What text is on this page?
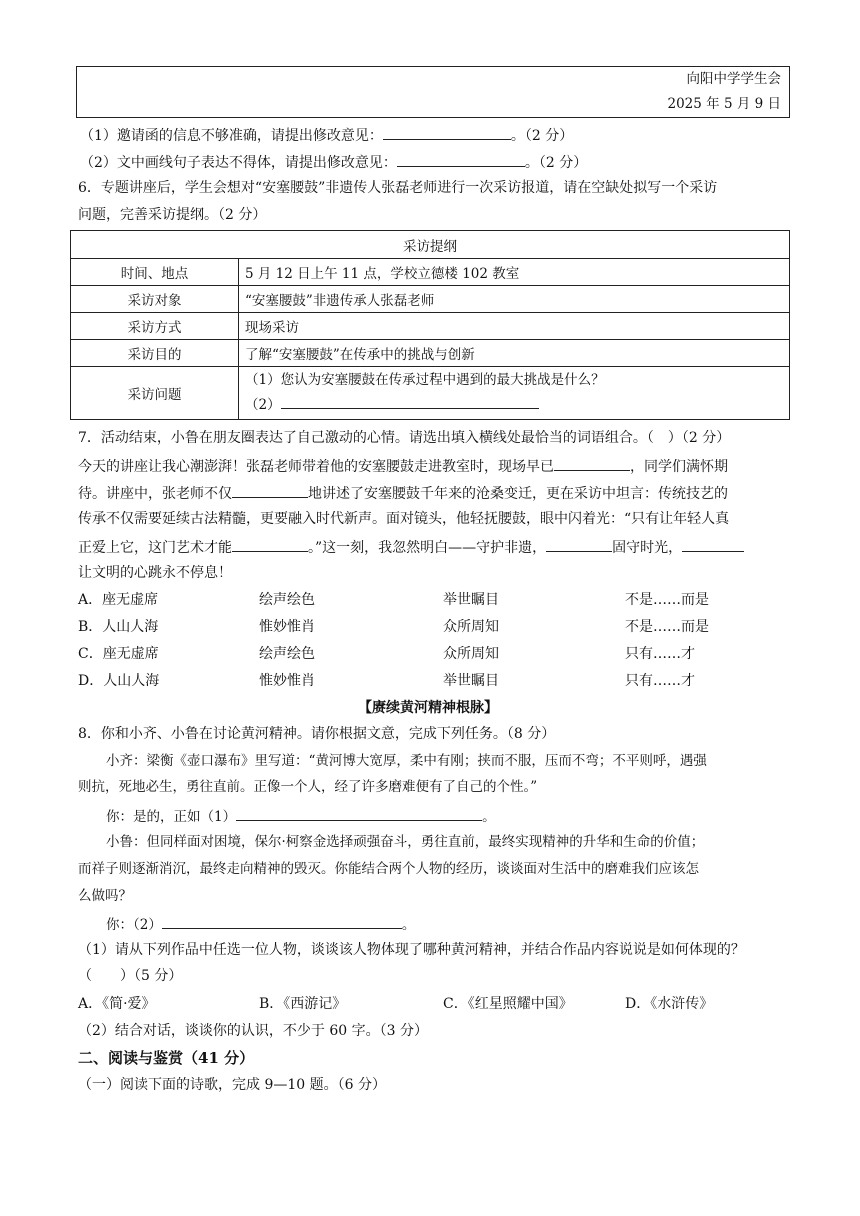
向阳中学学生会
2025 年 5 月 9 日
（1）邀请函的信息不够准确，请提出修改意见：	。（2 分）
（2）文中画线句子表达不得体，请提出修改意见：	。（2 分）
6．专题讲座后，学生会想对“安塞腰鼓”非遗传人张磊老师进行一次采访报道，请在空缺处拟写一个采访
问题，完善采访提纲。（2 分）
采访提纲	
时间、地点	5 月 12 日上午 11 点，学校立德楼 102 教室
采访对象	“安塞腰鼓”非遗传承人张磊老师
采访方式	现场采访
采访目的	了解“安塞腰鼓”在传承中的挑战与创新
采访问题	（1）您认为安塞腰鼓在传承过程中遇到的最大挑战是什么？
（2）
7．活动结束，小鲁在朋友圈表达了自己激动的心情。请选出填入横线处最恰当的词语组合。（　）（2 分）
今天的讲座让我心潮澎湃！张磊老师带着他的安塞腰鼓走进教室时，现场早已	，同学们满怀期
待。讲座中，张老师不仅	地讲述了安塞腰鼓千年来的沧桑变迁，更在采访中坦言：传统技艺的
传承不仅需要延续古法精髓，更要融入时代新声。面对镜头，他轻抚腰鼓，眼中闪着光：“只有让年轻人真
正爱上它，这门艺术才能	。”这一刻，我忽然明白——守护非遗，	固守时光，
让文明的心跳永不停息！
A．座无虚席	绘声绘色	举世瞩目	不是……而是
B．人山人海	惟妙惟肖	众所周知	不是……而是
C．座无虚席	绘声绘色	众所周知	只有……才
D．人山人海	惟妙惟肖	举世瞩目	只有……才
【赓续黄河精神根脉】
8．你和小齐、小鲁在讨论黄河精神。请你根据文意，完成下列任务。（8 分）
小齐：梁衡《壶口瀑布》里写道：“黄河博大宽厚，柔中有刚；挟而不服，压而不弯；不平则呼，遇强
则抗，死地必生，勇往直前。正像一个人，经了许多磨难便有了自己的个性。”
你：是的，正如（1）	。
小鲁：但同样面对困境，保尔·柯察金选择顽强奋斗，勇往直前，最终实现精神的升华和生命的价值；
而祥子则逐渐消沉，最终走向精神的毁灭。你能结合两个人物的经历，谈谈面对生活中的磨难我们应该怎
么做吗？
你：（2）	。
（1）请从下列作品中任选一位人物，谈谈该人物体现了哪种黄河精神，并结合作品内容说说是如何体现的？
（　　）（5 分）
A．《简·爱》	B．《西游记》	C．《红星照耀中国》	D．《水浒传》
（2）结合对话，谈谈你的认识，不少于 60 字。（3 分）
二、阅读与鉴赏（41 分）
（一）阅读下面的诗歌，完成 9—10 题。（6 分）
